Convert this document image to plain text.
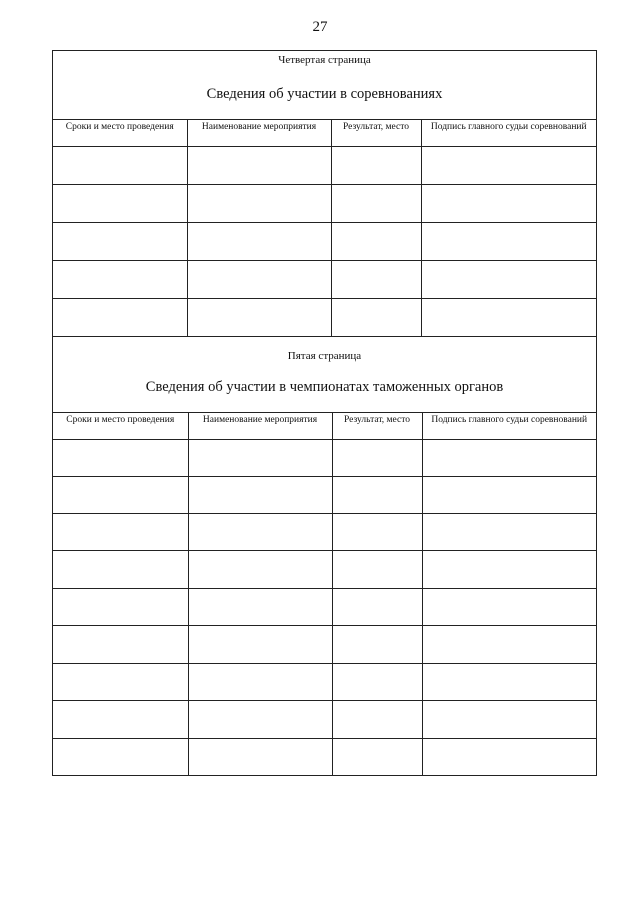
27
Четвертая страница
Сведения об участии в соревнованиях
Сроки и место проведения	Наименование мероприятия	Результат, место	Подпись главного судьи соревнований

Пятая страница
Сведения об участии в чемпионатах таможенных органов
Сроки и место проведения	Наименование мероприятия	Результат, место	Подпись главного судьи соревнований
